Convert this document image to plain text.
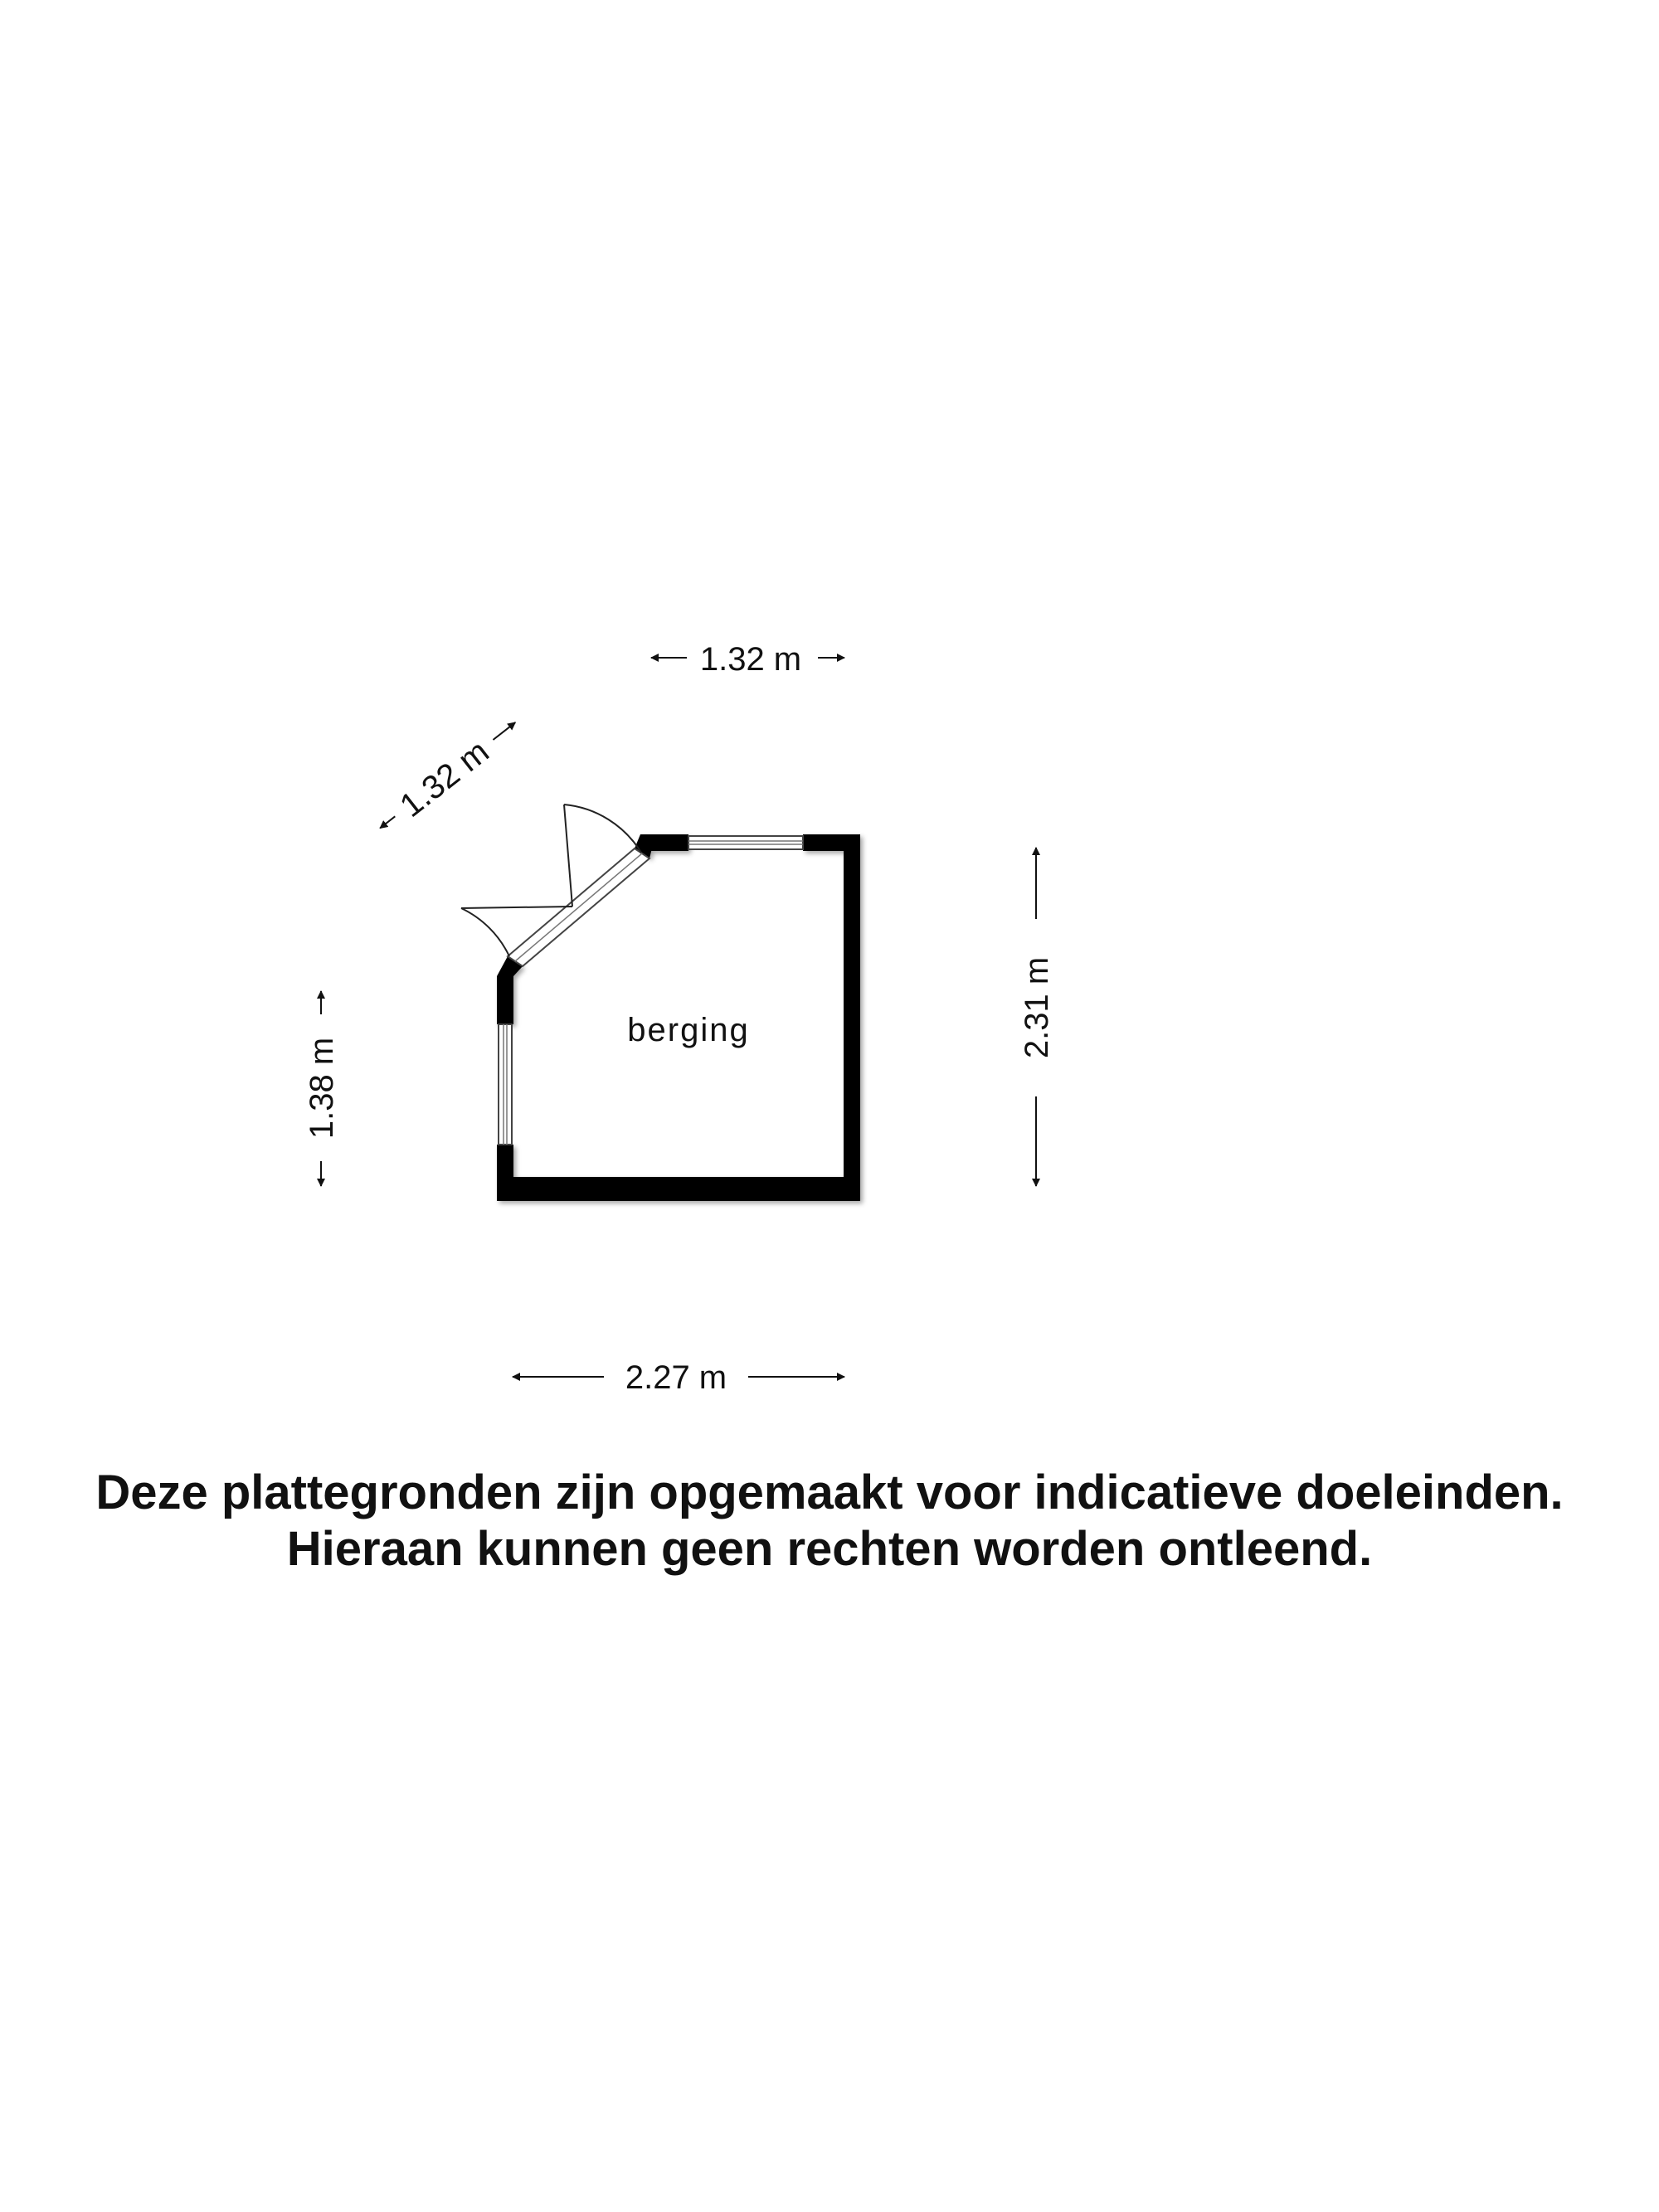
berging
1.32 m
1.32 m
1.38 m
2.31 m
2.27 m
Deze plattegronden zijn opgemaakt voor indicatieve doeleinden.
Hieraan kunnen geen rechten worden ontleend.
